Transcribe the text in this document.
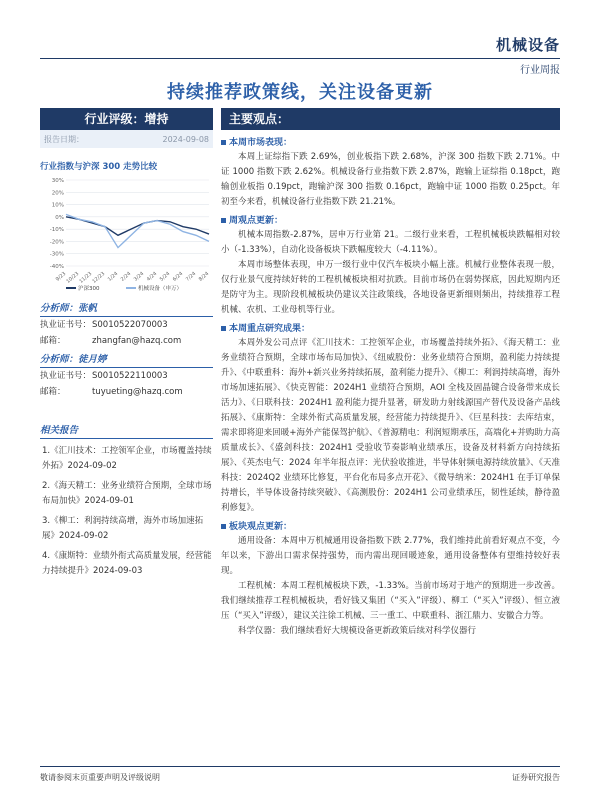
机械设备
行业周报
持续推荐政策线，关注设备更新
行业评级：增持
报告日期：	2024-09-08
行业指数与沪深 300 走势比较
30%
20%
10%
0%
-10%
-20%
-30%
-40%
9/23
10/23
11/23
12/23 1/24 2/24 3/24 4/24 5/24 6/24 7/24 8/24
沪深300	机械设备（申万）
分析师：张帆
执业证书号： S0010522070003
邮箱：	zhangfan@hazq.com
分析师：徒月婷
执业证书号： S0010522110003
邮箱：	tuyueting@hazq.com
相关报告
1.《汇川技术：工控领军企业，市场覆盖持续外拓》2024-09-02
2.《海天精工：业务业绩符合预期，全球市场布局加快》2024-09-01
3.《柳工：利润持续高增，海外市场加速拓展》2024-09-02
4.《康斯特：业绩外衔式高质量发展，经营能力持续提升》2024-09-03
主要观点：
本周市场表现：
本周上证综指下跌 2.69%，创业板指下跌 2.68%，沪深 300 指数下跌 2.71%。中证 1000 指数下跌 2.62%。机械设备行业指数下跌 2.87%，跑输上证综指 0.18pct，跑输创业板指 0.19pct，跑输沪深 300 指数 0.16pct，跑输中证 1000 指数 0.25pct。年初至今来看，机械设备行业指数下跌 21.21%。
周观点更新：
机械本周指数-2.87%，居申万行业第 21。二级行业来看，工程机械板块跌幅相对较小（-1.33%），自动化设备板块下跌幅度较大（-4.11%）。
本周市场整体表现，申万一级行业中仅汽车板块小幅上涨。机械行业整体表现一般，仅行业景气度持续好转的工程机械板块相对抗跌。目前市场仍在弱势探底，因此短期内还是防守为主。现阶段机械板块仍建议关注政策线，各地设备更新细则频出，持续推荐工程机械、农机、工业母机等行业。
本周重点研究成果：
本周外发公司点评《汇川技术：工控领军企业，市场覆盖持续外拓》、《海天精工：业务业绩符合预期，全球市场布局加快》、《纽威股份：业务业绩符合预期，盈利能力持续提升》、《中联重科：海外+新兴业务持续拓展，盈利能力提升》、《柳工：利润持续高增，海外市场加速拓展》、《快克智能：2024H1 业绩符合预期，AOI 全栈及固晶键合设备带来成长活力》、《日联科技：2024H1 盈利能力提升显著，研发助力射线源国产替代及设备产品线拓展》、《康斯特：全球外衔式高质量发展，经营能力持续提升》、《巨星科技：去库结束，需求即将迎来回暖+海外产能保驾护航》、《普源精电：利润短期承压，高端化+并购助力高质量成长》、《盛剑科技：2024H1 受验收节奏影响业绩承压，设备及材料新方向持续拓展》、《英杰电气：2024 年半年报点评：光伏验收推进，半导体射频电源持续放量》、《天准科技：2024Q2 业绩环比修复，平台化布局多点开花》、《微导纳米：2024H1 在手订单保持增长，半导体设备持续突破》、《高测股份：2024H1 公司业绩承压，韧性延续，静待盈利修复》。
板块观点更新：
通用设备：本周申万机械通用设备指数下跌 2.77%，我们维持此前看好观点不变，今年以来，下游出口需求保持强势，而内需出现回暖迹象，通用设备整体有望维持较好表现。
工程机械：本周工程机械板块下跌，-1.33%。当前市场对于地产的预期进一步改善。我们继续推荐工程机械板块，看好钱又集团（“买入”评级）、柳工（“买入”评级）、恒立液压（“买入”评级），建议关注徐工机械、三一重工、中联重科、浙江鼎力、安徽合力等。
科学仪器：我们继续看好大规模设备更新政策后续对科学仪器行
敬请参阅末页重要声明及评级说明	证券研究报告
